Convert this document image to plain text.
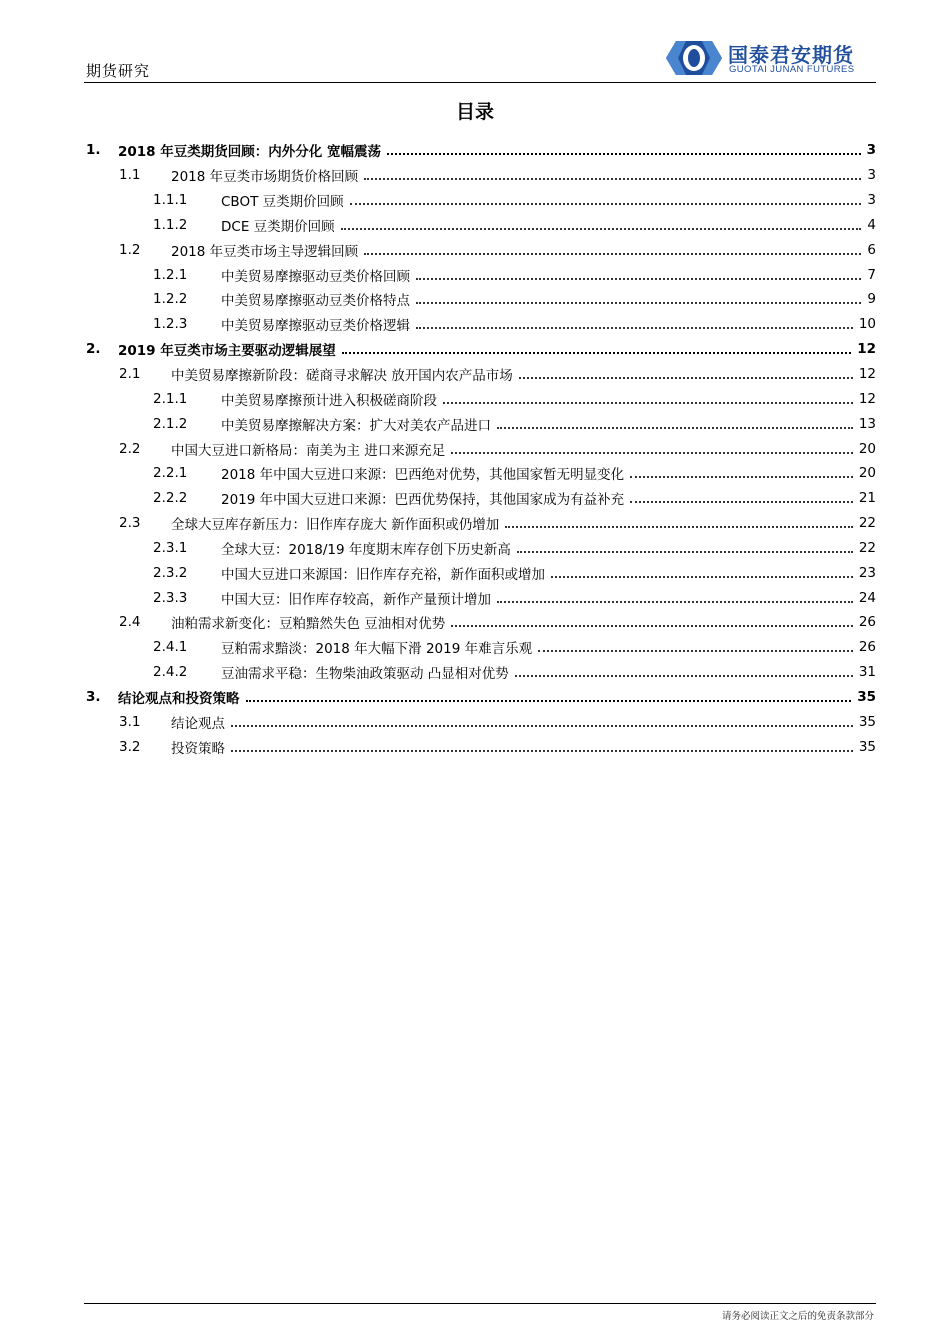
期货研究
国泰君安期货
GUOTAI JUNAN FUTURES
目录
1.	2018 年豆类期货回顾：内外分化 宽幅震荡	3
1.1	2018 年豆类市场期货价格回顾	3
1.1.1	CBOT 豆类期价回顾	3
1.1.2	DCE 豆类期价回顾	4
1.2	2018 年豆类市场主导逻辑回顾	6
1.2.1	中美贸易摩擦驱动豆类价格回顾	7
1.2.2	中美贸易摩擦驱动豆类价格特点	9
1.2.3	中美贸易摩擦驱动豆类价格逻辑	10
2.	2019 年豆类市场主要驱动逻辑展望	12
2.1	中美贸易摩擦新阶段：磋商寻求解决 放开国内农产品市场	12
2.1.1	中美贸易摩擦预计进入积极磋商阶段	12
2.1.2	中美贸易摩擦解决方案：扩大对美农产品进口	13
2.2	中国大豆进口新格局：南美为主 进口来源充足	20
2.2.1	2018 年中国大豆进口来源：巴西绝对优势，其他国家暂无明显变化	20
2.2.2	2019 年中国大豆进口来源：巴西优势保持，其他国家成为有益补充	21
2.3	全球大豆库存新压力：旧作库存庞大 新作面积或仍增加	22
2.3.1	全球大豆：2018/19 年度期末库存创下历史新高	22
2.3.2	中国大豆进口来源国：旧作库存充裕，新作面积或增加	23
2.3.3	中国大豆：旧作库存较高，新作产量预计增加	24
2.4	油粕需求新变化：豆粕黯然失色 豆油相对优势	26
2.4.1	豆粕需求黯淡：2018 年大幅下滑 2019 年难言乐观	26
2.4.2	豆油需求平稳：生物柴油政策驱动 凸显相对优势	31
3.	结论观点和投资策略	35
3.1	结论观点	35
3.2	投资策略	35
请务必阅读正文之后的免责条款部分
